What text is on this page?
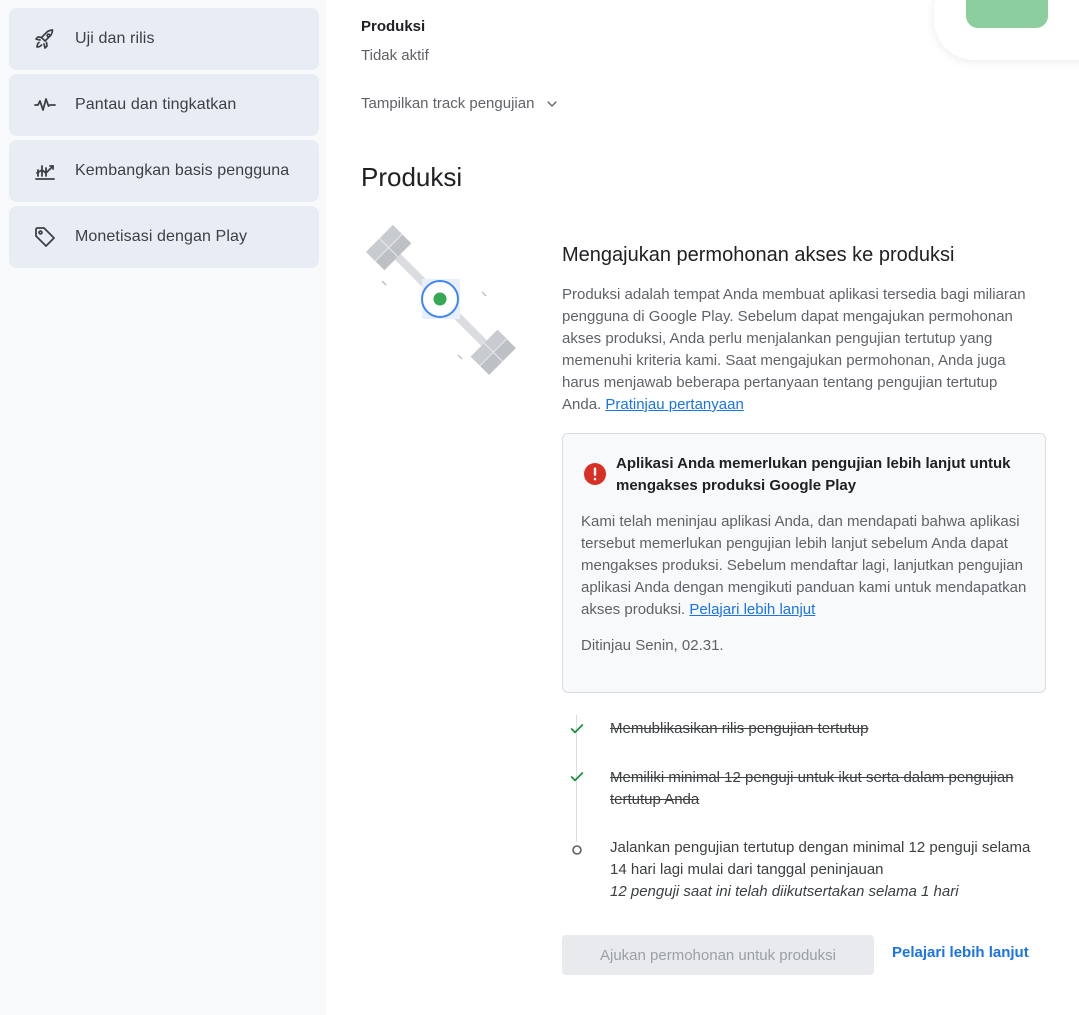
Uji dan rilis
Pantau dan tingkatkan
Kembangkan basis pengguna
Monetisasi dengan Play
Produksi
Tidak aktif
Tampilkan track pengujian
Produksi
Mengajukan permohonan akses ke produksi

Produksi adalah tempat Anda membuat aplikasi tersedia bagi miliaran pengguna di Google Play. Sebelum dapat mengajukan permohonan akses produksi, Anda perlu menjalankan pengujian tertutup yang memenuhi kriteria kami. Saat mengajukan permohonan, Anda juga harus menjawab beberapa pertanyaan tentang pengujian tertutup Anda. Pratinjau pertanyaan

Aplikasi Anda memerlukan pengujian lebih lanjut untuk mengakses produksi Google Play

Kami telah meninjau aplikasi Anda, dan mendapati bahwa aplikasi tersebut memerlukan pengujian lebih lanjut sebelum Anda dapat mengakses produksi. Sebelum mendaftar lagi, lanjutkan pengujian aplikasi Anda dengan mengikuti panduan kami untuk mendapatkan akses produksi. Pelajari lebih lanjut

Ditinjau Senin, 02.31.
Memublikasikan rilis pengujian tertutup
Memiliki minimal 12 penguji untuk ikut serta dalam pengujian tertutup Anda
Jalankan pengujian tertutup dengan minimal 12 penguji selama 14 hari lagi mulai dari tanggal peninjauan
12 penguji saat ini telah diikutsertakan selama 1 hari
Ajukan permohonan untuk produksi	Pelajari lebih lanjut
